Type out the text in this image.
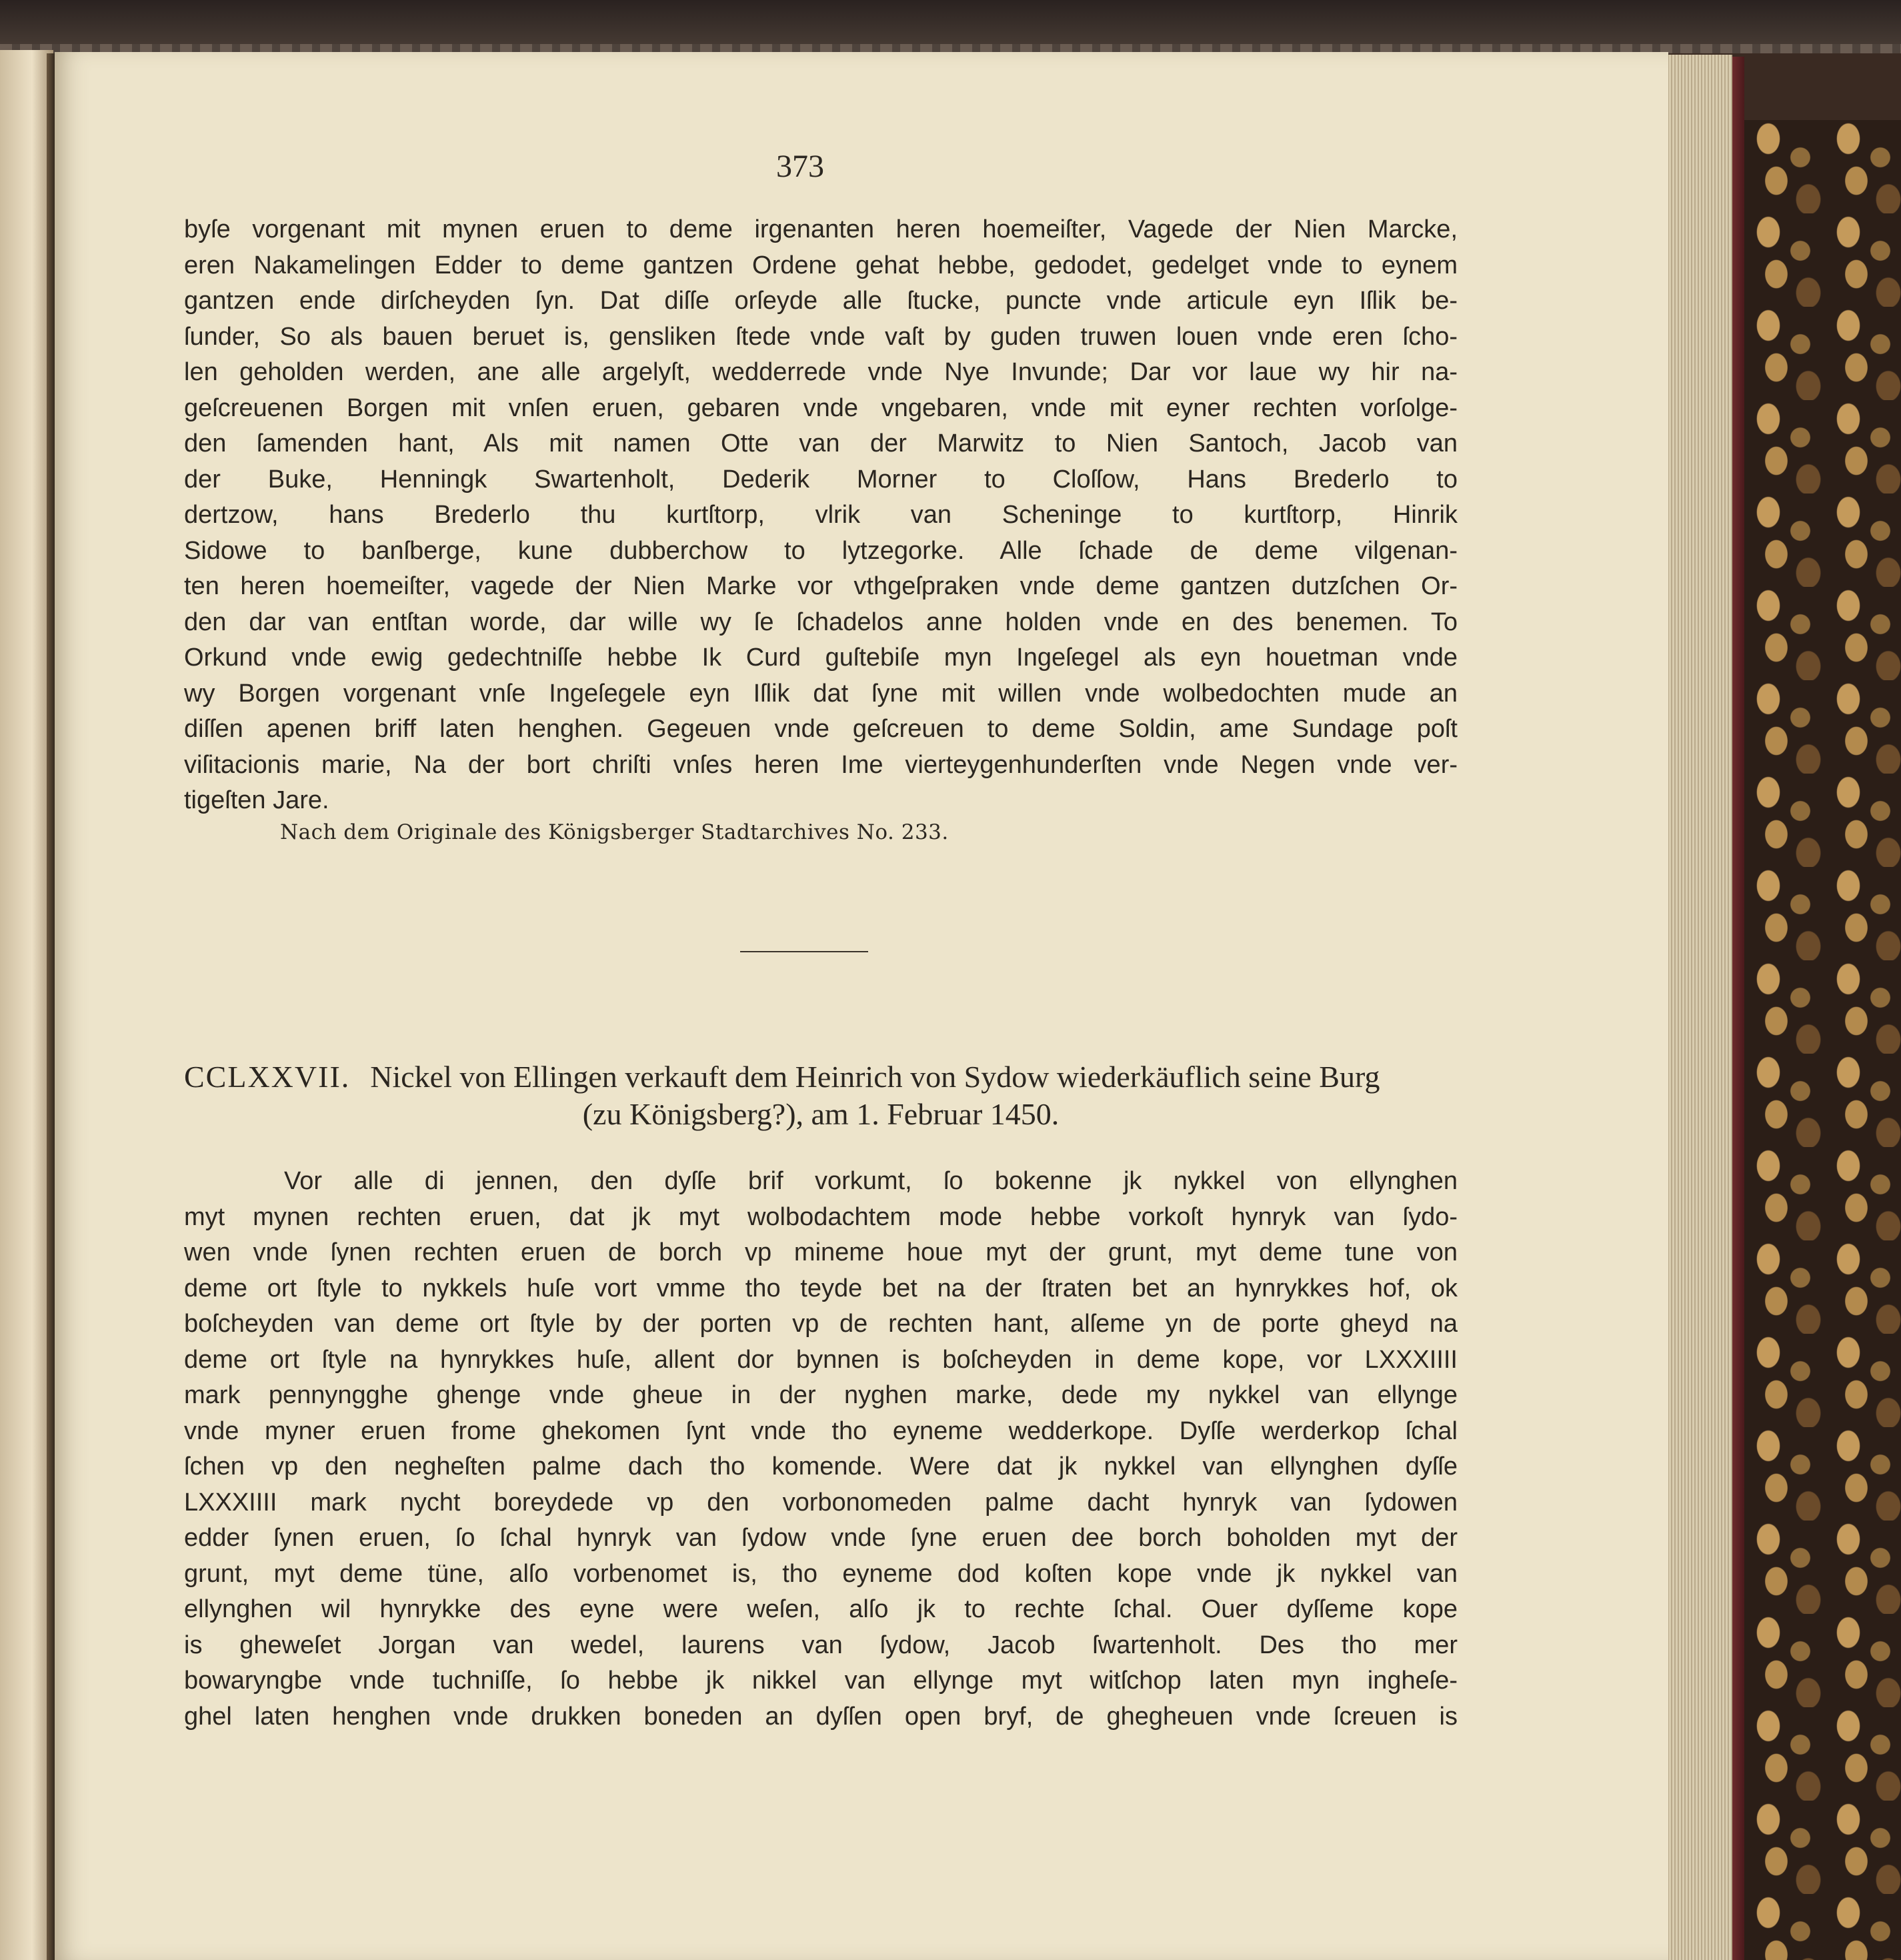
373

byſe vorgenant mit mynen eruen to deme irgenanten heren hoemeiſter, Vagede der Nien Marcke,

eren Nakamelingen Edder to deme gantzen Ordene gehat hebbe, gedodet, gedelget vnde to eynem

gantzen ende dirſcheyden ſyn. Dat diſſe orſeyde alle ſtucke, puncte vnde articule eyn Iſlik be-

ſunder, So als bauen beruet is, gensliken ſtede vnde vaſt by guden truwen louen vnde eren ſcho-

len geholden werden, ane alle argelyſt, wedderrede vnde Nye Invunde; Dar vor laue wy hir na-

geſcreuenen Borgen mit vnſen eruen, gebaren vnde vngebaren, vnde mit eyner rechten vorſolge-

den ſamenden hant, Als mit namen Otte van der Marwitz to Nien Santoch, Jacob van

der Buke, Henningk Swartenholt, Dederik Morner to Cloſſow, Hans Brederlo to

dertzow, hans Brederlo thu kurtſtorp, vlrik van Scheninge to kurtſtorp, Hinrik

Sidowe to banſberge, kune dubberchow to lytzegorke. Alle ſchade de deme vilgenan-

ten heren hoemeiſter, vagede der Nien Marke vor vthgeſpraken vnde deme gantzen dutzſchen Or-

den dar van entſtan worde, dar wille wy ſe ſchadelos anne holden vnde en des benemen. To

Orkund vnde ewig gedechtniſſe hebbe Ik Curd guſtebiſe myn Ingeſegel als eyn houetman vnde

wy Borgen vorgenant vnſe Ingeſegele eyn Iſlik dat ſyne mit willen vnde wolbedochten mude an

diſſen apenen briff laten henghen. Gegeuen vnde geſcreuen to deme Soldin, ame Sundage poſt

viſitacionis marie, Na der bort chriſti vnſes heren Ime vierteygenhunderſten vnde Negen vnde ver-

tigeſten Jare.

Nach dem Originale des Königsberger Stadtarchives No. 233.
CCLXXVII. Nickel von Ellingen verkauft dem Heinrich von Sydow wiederkäuflich seine Burg
(zu Königsberg?), am 1. Februar 1450.

Vor alle di jennen, den dyſſe brif vorkumt, ſo bokenne jk nykkel von ellynghen

myt mynen rechten eruen, dat jk myt wolbodachtem mode hebbe vorkoſt hynryk van ſydo-

wen vnde ſynen rechten eruen de borch vp mineme houe myt der grunt, myt deme tune von

deme ort ſtyle to nykkels huſe vort vmme tho teyde bet na der ſtraten bet an hynrykkes hof, ok

boſcheyden van deme ort ſtyle by der porten vp de rechten hant, alſeme yn de porte gheyd na

deme ort ſtyle na hynrykkes huſe, allent dor bynnen is boſcheyden in deme kope, vor LXXXIIII

mark pennyngghe ghenge vnde gheue in der nyghen marke, dede my nykkel van ellynge

vnde myner eruen frome ghekomen ſynt vnde tho eyneme wedderkope. Dyſſe werderkop ſchal

ſchen vp den negheſten palme dach tho komende. Were dat jk nykkel van ellynghen dyſſe

LXXXIIII mark nycht boreydede vp den vorbonomeden palme dacht hynryk van ſydowen

edder ſynen eruen, ſo ſchal hynryk van ſydow vnde ſyne eruen dee borch boholden myt der

grunt, myt deme tüne, alſo vorbenomet is, tho eyneme dod koſten kope vnde jk nykkel van

ellynghen wil hynrykke des eyne were weſen, alſo jk to rechte ſchal. Ouer dyſſeme kope

is gheweſet Jorgan van wedel, laurens van ſydow, Jacob ſwartenholt. Des tho mer

bowaryngbe vnde tuchniſſe, ſo hebbe jk nikkel van ellynge myt witſchop laten myn ingheſe-

ghel laten henghen vnde drukken boneden an dyſſen open bryf, de ghegheuen vnde ſcreuen is
